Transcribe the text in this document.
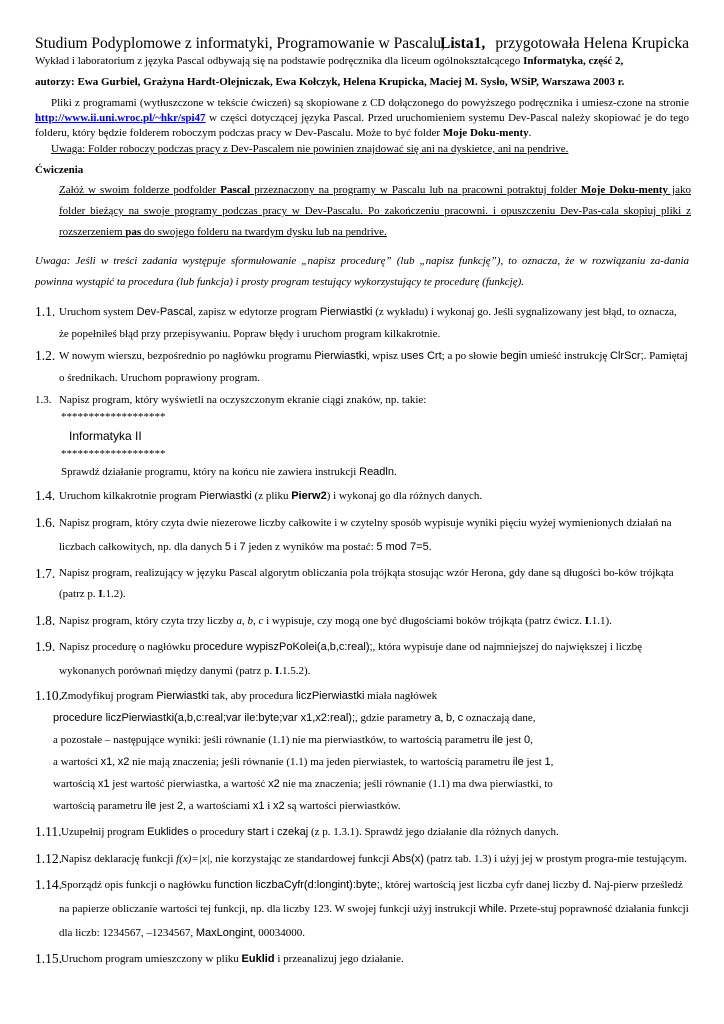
Studium Podyplomowe z informatyki, Programowanie w Pascalu,
Lista1, przygotowała Helena Krupicka

Wykład i laboratorium z języka Pascal odbywają się na podstawie podręcznika dla liceum ogólnokształcącego Informatyka, część 2,

autorzy: Ewa Gurbiel, Grażyna Hardt-Olejniczak, Ewa Kołczyk, Helena Krupicka, Maciej M. Sysło, WSiP, Warszawa 2003 r.

Pliki z programami (wytłuszczone w tekście ćwiczeń) są skopiowane z CD dołączonego do powyższego podręcznika i umiesz-czone na stronie http://www.ii.uni.wroc.pl/~hkr/spi47 w części dotyczącej języka Pascal. Przed uruchomieniem systemu Dev-Pascal należy skopiować je do tego folderu, który będzie folderem roboczym podczas pracy w Dev-Pascalu. Może to być folder Moje Doku-menty.

Uwaga: Folder roboczy podczas pracy z Dev-Pascalem nie powinien znajdować się ani na dyskietce, ani na pendrive.

Ćwiczenia

Załóż w swoim folderze podfolder Pascal przeznaczony na programy w Pascalu lub na pracowni potraktuj folder Moje Doku-menty jako folder bieżący na swoje programy podczas pracy w Dev-Pascalu. Po zakończeniu pracowni. i opuszczeniu Dev-Pas-cala skopiuj pliki z rozszerzeniem pas do swojego folderu na twardym dysku lub na pendrive.

Uwaga: Jeśli w treści zadania występuje sformułowanie „napisz procedurę” (lub „napisz funkcję”), to oznacza, że w rozwiązaniu za-dania powinna wystąpić ta procedura (lub funkcja) i prosty program testujący wykorzystujący te procedurę (funkcję).

1.1. Uruchom system Dev-Pascal, zapisz w edytorze program Pierwiastki (z wykładu) i wykonaj go. Jeśli sygnalizowany jest błąd, to oznacza, że popełniłeś błąd przy przepisywaniu. Popraw błędy i uruchom program kilkakrotnie.

1.2. W nowym wierszu, bezpośrednio po nagłówku programu Pierwiastki, wpisz uses Crt; a po słowie begin umieść instrukcję ClrScr;. Pamiętaj o średnikach. Uruchom poprawiony program.

1.3. Napisz program, który wyświetli na oczyszczonym ekranie ciągi znaków, np. takie:

*******************

Informatyka II

*******************

Sprawdź działanie programu, który na końcu nie zawiera instrukcji Readln.

1.4. Uruchom kilkakrotnie program Pierwiastki (z pliku Pierw2) i wykonaj go dla różnych danych.

1.6. Napisz program, który czyta dwie niezerowe liczby całkowite i w czytelny sposób wypisuje wyniki pięciu wyżej wymienionych działań na liczbach całkowitych, np. dla danych 5 i 7 jeden z wyników ma postać: 5 mod 7=5.

1.7. Napisz program, realizujący w języku Pascal algorytm obliczania pola trójkąta stosując wzór Herona, gdy dane są długości bo-ków trójkąta (patrz p. I.1.2).

1.8. Napisz program, który czyta trzy liczby a, b, c i wypisuje, czy mogą one być długościami boków trójkąta (patrz ćwicz. I.1.1).

1.9. Napisz procedurę o nagłówku procedure wypiszPoKolei(a,b,c:real);, która wypisuje dane od najmniejszej do największej i liczbę wykonanych porównań między danymi (patrz p. I.1.5.2).

1.10. Zmodyfikuj program Pierwiastki tak, aby procedura liczPierwiastki miała nagłówek

procedure liczPierwiastki(a,b,c:real;var ile:byte;var x1,x2:real);, gdzie parametry a, b, c oznaczają dane,

a pozostałe – następujące wyniki: jeśli równanie (1.1) nie ma pierwiastków, to wartością parametru ile jest 0,

a wartości x1, x2 nie mają znaczenia; jeśli równanie (1.1) ma jeden pierwiastek, to wartością parametru ile jest 1,

wartością x1 jest wartość pierwiastka, a wartość x2 nie ma znaczenia; jeśli równanie (1.1) ma dwa pierwiastki, to

wartością parametru ile jest 2, a wartościami x1 i x2 są wartości pierwiastków.

1.11. Uzupełnij program Euklides o procedury start i czekaj (z p. 1.3.1). Sprawdź jego działanie dla różnych danych.

1.12. Napisz deklarację funkcji f(x)=|x|, nie korzystając ze standardowej funkcji Abs(x) (patrz tab. 1.3) i użyj jej w prostym progra-mie testującym.

1.14. Sporządź opis funkcji o nagłówku function liczbaCyfr(d:longint):byte;, której wartością jest liczba cyfr danej liczby d. Naj-pierw prześledź na papierze obliczanie wartości tej funkcji, np. dla liczby 123. W swojej funkcji użyj instrukcji while. Przete-stuj poprawność działania funkcji dla liczb: 1234567, –1234567, MaxLongint, 00034000.

1.15. Uruchom program umieszczony w pliku Euklid i przeanalizuj jego działanie.
